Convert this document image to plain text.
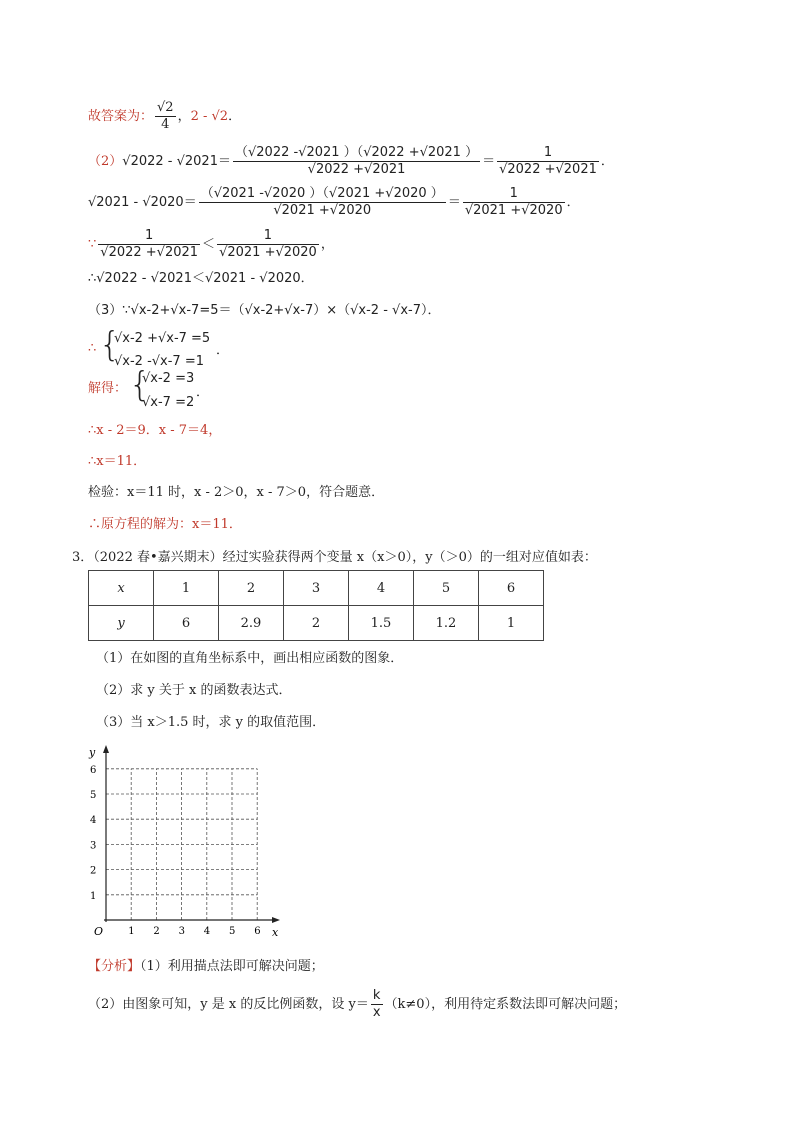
故答案为： $\frac{√2}{4}$ ，2 - √2．
$(2)√2022 - √2021= \frac{(√2022 -√2021 )(√2022 +√2021 )}{√2022 +√2021} = \frac{1}{√2022 +√2021}$ ．
$√2021 - √2020= \frac{(√2021 -√2020 )(√2021 +√2020 )}{√2021 +√2020} = \frac{1}{√2021 +√2020}$ ．
∵ $\frac{1}{√2022 +√2021} < \frac{1}{√2021 +√2020}$ ，
∴√2022 - √2021＜√2021 - √2020．
（3）∵√x-2+√x-7=5＝（√x-2+√x-7）×（√x-2 - √x-7）．
∴ {
√x-2 +√x-7 =5
√x-2 -√x-7 =1
．
解得： {
√x-2 =3
√x-7 =2
．
∴x - 2＝9．x - 7＝4，
∴x＝11．
检验：x＝11 时，x - 2＞0，x - 7＞0，符合题意．
∴原方程的解为：x＝11．
3．（2022 春•嘉兴期末）经过实验获得两个变量 x（x＞0），y（＞0）的一组对应值如表：
x	1	2	3	4	5	6
y	6	2.9	2	1.5	1.2	1
（1）在如图的直角坐标系中，画出相应函数的图象．
（2）求 y 关于 x 的函数表达式．
（3）当 x＞1.5 时，求 y 的取值范围．
y
x
O	1 2 3 4 5 6
1
2
3
4
5
6
【分析】（1）利用描点法即可解决问题；
（2）由图象可知，y 是 x 的反比例函数，设 $y= \frac{k}{x} (k\ne 0)$，利用待定系数法即可解决问题；
